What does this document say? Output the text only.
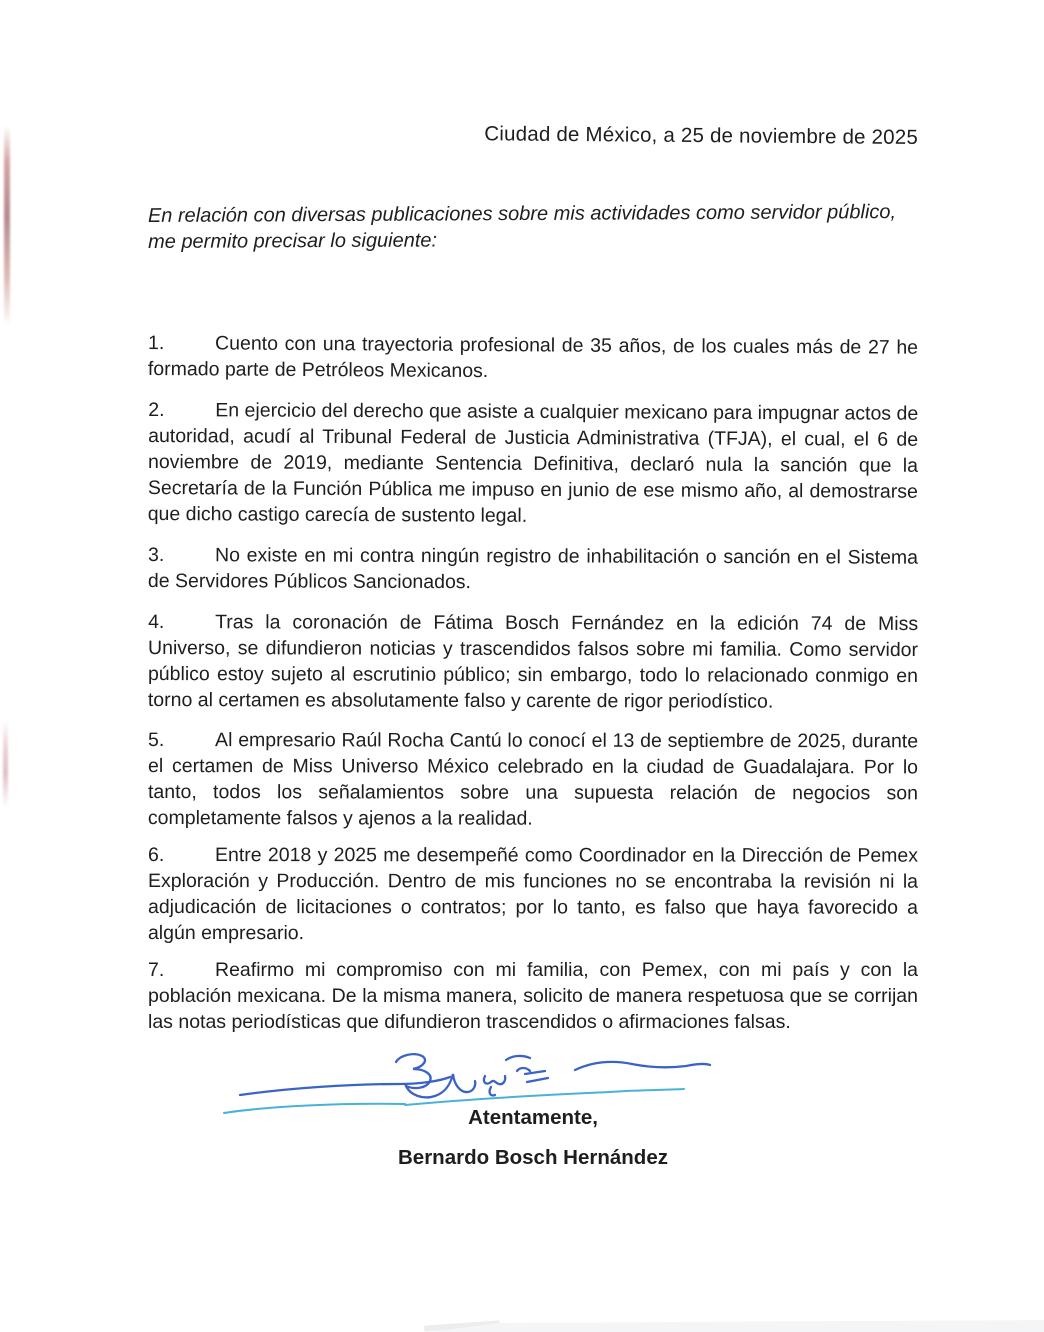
Ciudad de México, a 25 de noviembre de 2025
En relación con diversas publicaciones sobre mis actividades como servidor público, me permito precisar lo siguiente:

1.	Cuento con una trayectoria profesional de 35 años, de los cuales más de 27 he formado parte de Petróleos Mexicanos.

2.	En ejercicio del derecho que asiste a cualquier mexicano para impugnar actos de autoridad, acudí al Tribunal Federal de Justicia Administrativa (TFJA), el cual, el 6 de noviembre de 2019, mediante Sentencia Definitiva, declaró nula la sanción que la Secretaría de la Función Pública me impuso en junio de ese mismo año, al demostrarse que dicho castigo carecía de sustento legal.

3.	No existe en mi contra ningún registro de inhabilitación o sanción en el Sistema de Servidores Públicos Sancionados.

4.	Tras la coronación de Fátima Bosch Fernández en la edición 74 de Miss Universo, se difundieron noticias y trascendidos falsos sobre mi familia. Como servidor público estoy sujeto al escrutinio público; sin embargo, todo lo relacionado conmigo en torno al certamen es absolutamente falso y carente de rigor periodístico.

5.	Al empresario Raúl Rocha Cantú lo conocí el 13 de septiembre de 2025, durante el certamen de Miss Universo México celebrado en la ciudad de Guadalajara. Por lo tanto, todos los señalamientos sobre una supuesta relación de negocios son completamente falsos y ajenos a la realidad.

6.	Entre 2018 y 2025 me desempeñé como Coordinador en la Dirección de Pemex Exploración y Producción. Dentro de mis funciones no se encontraba la revisión ni la adjudicación de licitaciones o contratos; por lo tanto, es falso que haya favorecido a algún empresario.

7.	Reafirmo mi compromiso con mi familia, con Pemex, con mi país y con la población mexicana. De la misma manera, solicito de manera respetuosa que se corrijan las notas periodísticas que difundieron trascendidos o afirmaciones falsas.

Atentamente,
Bernardo Bosch Hernández
